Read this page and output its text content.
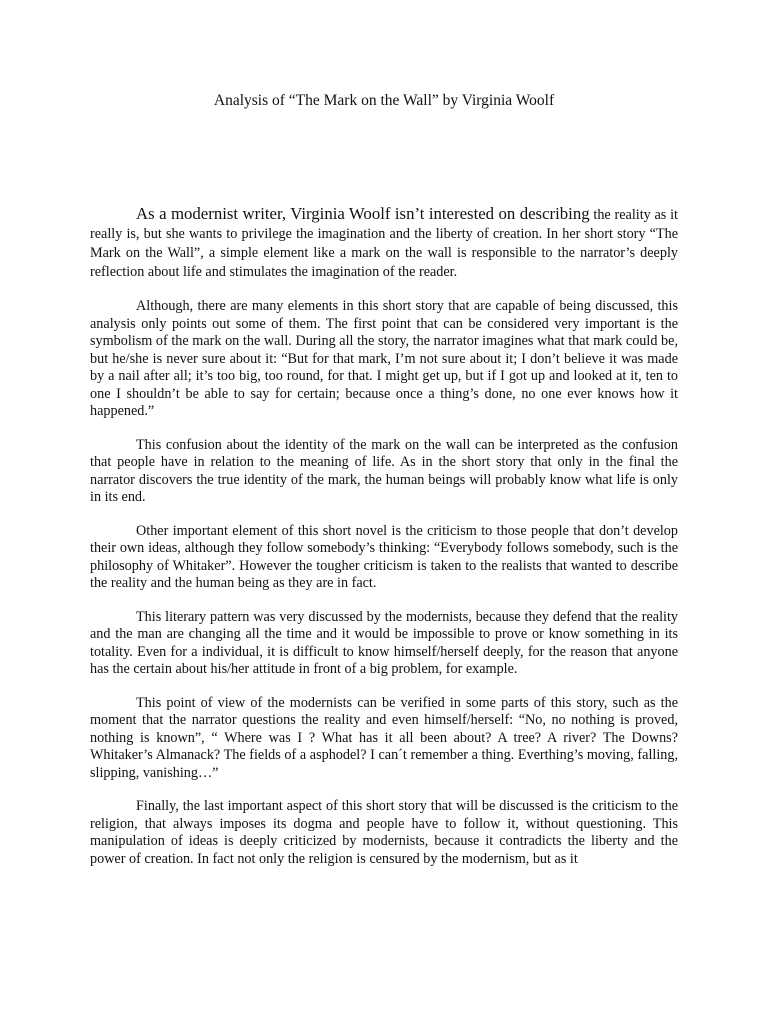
Analysis of “The Mark on the Wall” by Virginia Woolf

As a modernist writer, Virginia Woolf isn’t interested on describing the reality as it really is, but she wants to privilege the imagination and the liberty of creation. In her short story “The Mark on the Wall”, a simple element like a mark on the wall is responsible to the narrator’s deeply reflection about life and stimulates the imagination of the reader.

Although, there are many elements in this short story that are capable of being discussed, this analysis only points out some of them. The first point that can be considered very important is the symbolism of the mark on the wall. During all the story, the narrator imagines what that mark could be, but he/she is never sure about it: “But for that mark, I’m not sure about it; I don’t believe it was made by a nail after all; it’s too big, too round, for that. I might get up, but if I got up and looked at it, ten to one I shouldn’t be able to say for certain; because once a thing’s done, no one ever knows how it happened.”

This confusion about the identity of the mark on the wall can be interpreted as the confusion that people have in relation to the meaning of life. As in the short story that only in the final the narrator discovers the true identity of the mark, the human beings will probably know what life is only in its end.

Other important element of this short novel is the criticism to those people that don’t develop their own ideas, although they follow somebody’s thinking: “Everybody follows somebody, such is the philosophy of Whitaker”. However the tougher criticism is taken to the realists that wanted to describe the reality and the human being as they are in fact.

This literary pattern was very discussed by the modernists, because they defend that the reality and the man are changing all the time and it would be impossible to prove or know something in its totality. Even for a individual, it is difficult to know himself/herself deeply, for the reason that anyone has the certain about his/her attitude in front of a big problem, for example.

This point of view of the modernists can be verified in some parts of this story, such as the moment that the narrator questions the reality and even himself/herself: “No, no nothing is proved, nothing is known”, “ Where was I ? What has it all been about? A tree? A river? The Downs? Whitaker’s Almanack? The fields of a asphodel? I can´t remember a thing. Everthing’s moving, falling, slipping, vanishing…”

Finally, the last important aspect of this short story that will be discussed is the criticism to the religion, that always imposes its dogma and people have to follow it, without questioning. This manipulation of ideas is deeply criticized by modernists, because it contradicts the liberty and the power of creation. In fact not only the religion is censured by the modernism, but as it
